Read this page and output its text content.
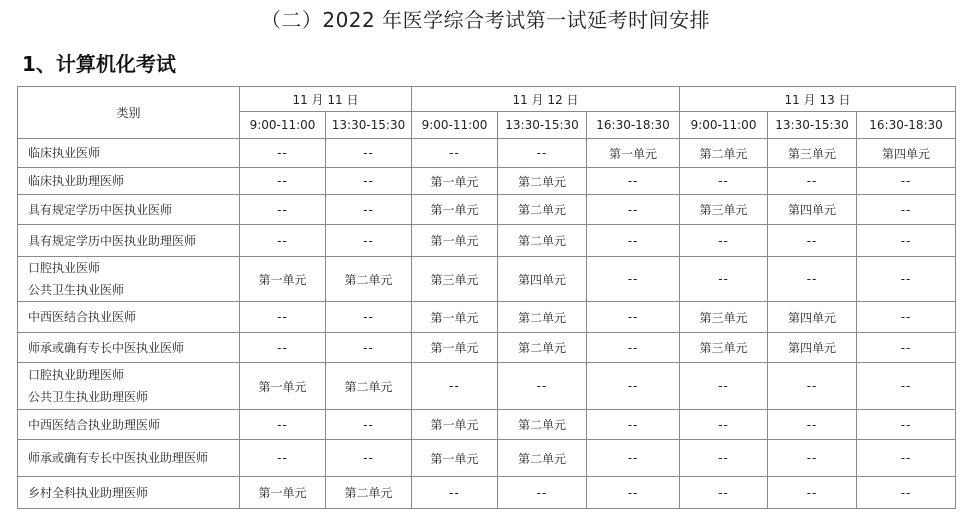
（二）2022 年医学综合考试第一试延考时间安排
1、计算机化考试
类别	11 月 11 日		11 月 12 日			11 月 13 日		
	9:00-11:00	13:30-15:30	9:00-11:00	13:30-15:30	16:30-18:30	9:00-11:00	13:30-15:30	16:30-18:30

临床执业医师	--	--	--	--	第一单元	第二单元	第三单元	第四单元

临床执业助理医师	--	--	第一单元	第二单元	--	--	--	--

具有规定学历中医执业医师	--	--	第一单元	第二单元	--	第三单元	第四单元	--

具有规定学历中医执业助理医师	--	--	第一单元	第二单元	--	--	--	--

口腔执业医师
公共卫生执业医师	第一单元	第二单元	第三单元	第四单元	--	--	--	--

中西医结合执业医师	--	--	第一单元	第二单元	--	第三单元	第四单元	--

师承或确有专长中医执业医师	--	--	第一单元	第二单元	--	第三单元	第四单元	--

口腔执业助理医师
公共卫生执业助理医师	第一单元	第二单元	--	--	--	--	--	--

中西医结合执业助理医师	--	--	第一单元	第二单元	--	--	--	--

师承或确有专长中医执业助理医师	--	--	第一单元	第二单元	--	--	--	--

乡村全科执业助理医师	第一单元	第二单元	--	--	--	--	--	--
